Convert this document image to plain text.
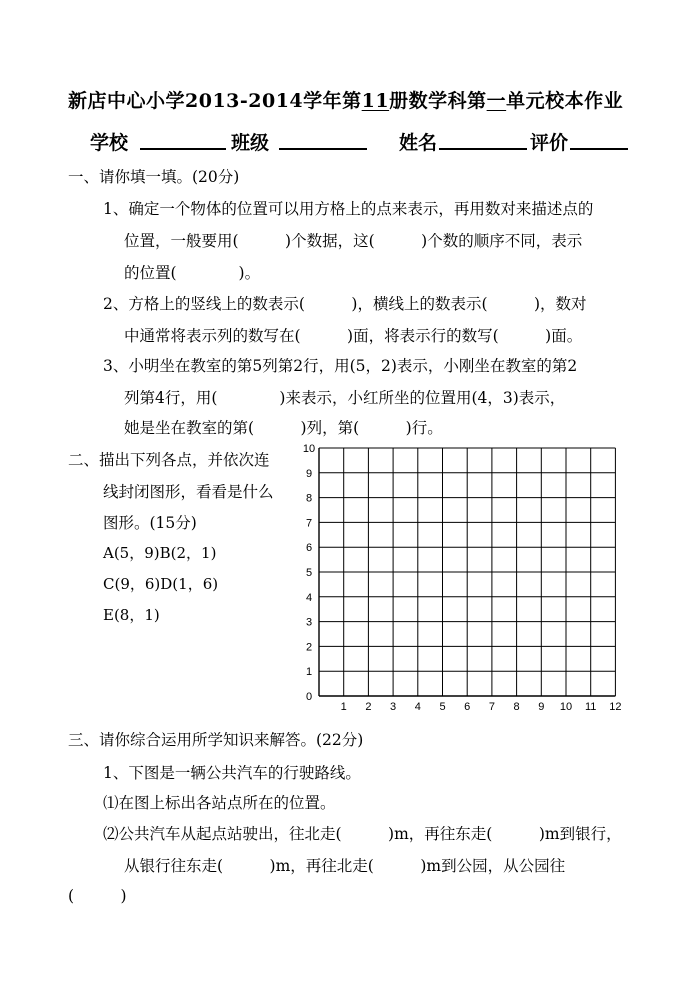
新店中心小学2013-2014学年第11册数学科第一单元校本作业
学校	班级	姓名	评价
一、请你填一填。(20分)
1、确定一个物体的位置可以用方格上的点来表示，再用数对来描述点的
位置，一般要用(　　　)个数据，这(　　　)个数的顺序不同，表示
的位置(　　　　)。
2、方格上的竖线上的数表示(　　　)，横线上的数表示(　　　)，数对
中通常将表示列的数写在(　　　)面，将表示行的数写(　　　)面。
3、小明坐在教室的第5列第2行，用(5，2)表示，小刚坐在教室的第2
列第4行，用(　　　　)来表示，小红所坐的位置用(4，3)表示，
她是坐在教室的第(　　　)列，第(　　　)行。
二、描出下列各点，并依次连
线封闭图形，看看是什么
图形。(15分)
A(5，9)B(2，1)
C(9，6)D(1，6)
E(8，1)
1 2 3 4 5 6 7 8 9 10 11 12
0
1
2
3
4
5
6
7
8
9
10
三、请你综合运用所学知识来解答。(22分)
1、下图是一辆公共汽车的行驶路线。
⑴在图上标出各站点所在的位置。
⑵公共汽车从起点站驶出，往北走(　　　)m，再往东走(　　　)m到银行，
从银行往东走(　　　)m，再往北走(　　　)m到公园，从公园往
(　　　)
